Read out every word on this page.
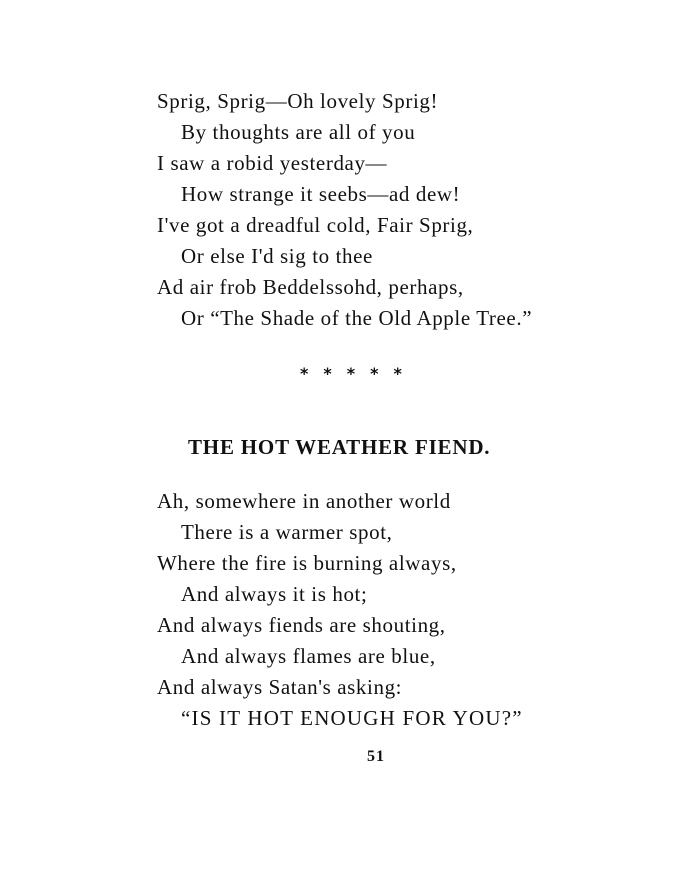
Sprig, Sprig—Oh lovely Sprig!
By thoughts are all of you
I saw a robid yesterday—
How strange it seebs—ad dew!
I've got a dreadful cold, Fair Sprig,
Or else I'd sig to thee
Ad air frob Beddelssohd, perhaps,
Or “The Shade of the Old Apple Tree.”
*****
THE HOT WEATHER FIEND.
Ah, somewhere in another world
There is a warmer spot,
Where the fire is burning always,
And always it is hot;
And always fiends are shouting,
And always flames are blue,
And always Satan's asking:
“IS IT HOT ENOUGH FOR YOU?”
51
